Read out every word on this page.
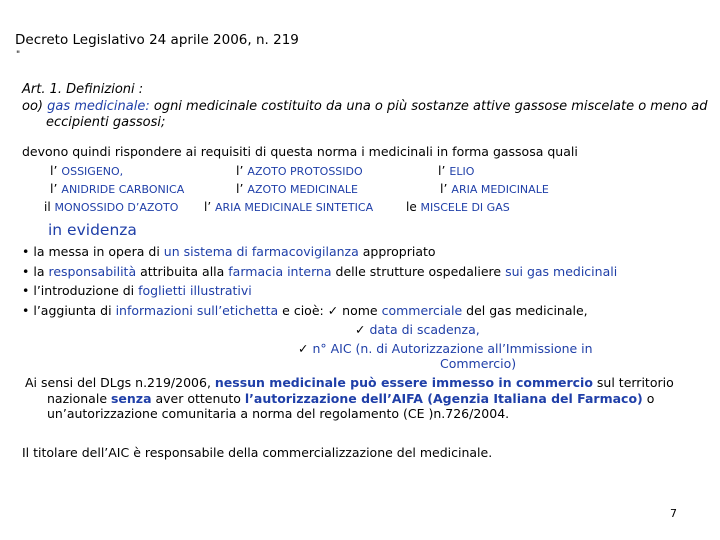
Decreto Legislativo 24 aprile 2006, n. 219
"
Art. 1. Definizioni :
oo) gas medicinale: ogni medicinale costituito da una o più sostanze attive gassose miscelate o meno ad
eccipienti gassosi;
devono quindi rispondere ai requisiti di questa norma i medicinali in forma gassosa quali
l’ OSSIGENO,	l’ AZOTO PROTOSSIDO	l’ ELIO
l’ ANIDRIDE CARBONICA	l’ AZOTO MEDICINALE	l’ ARIA MEDICINALE
il MONOSSIDO D’AZOTO l’ ARIA MEDICINALE SINTETICA	le MISCELE DI GAS
in evidenza
• la messa in opera di un sistema di farmacovigilanza appropriato
• la responsabilità attribuita alla farmacia interna delle strutture ospedaliere sui gas medicinali
• l’introduzione di foglietti illustrativi
• l’aggiunta di informazioni sull’etichetta e cioè: ✓ nome commerciale del gas medicinale,
✓ data di scadenza,
✓ n° AIC (n. di Autorizzazione all’Immissione in
Commercio)
Ai sensi del DLgs n.219/2006, nessun medicinale può essere immesso in commercio sul territorio
nazionale senza aver ottenuto l’autorizzazione dell’AIFA (Agenzia Italiana del Farmaco) o
un’autorizzazione comunitaria a norma del regolamento (CE )n.726/2004.
Il titolare dell’AIC è responsabile della commercializzazione del medicinale.
7
